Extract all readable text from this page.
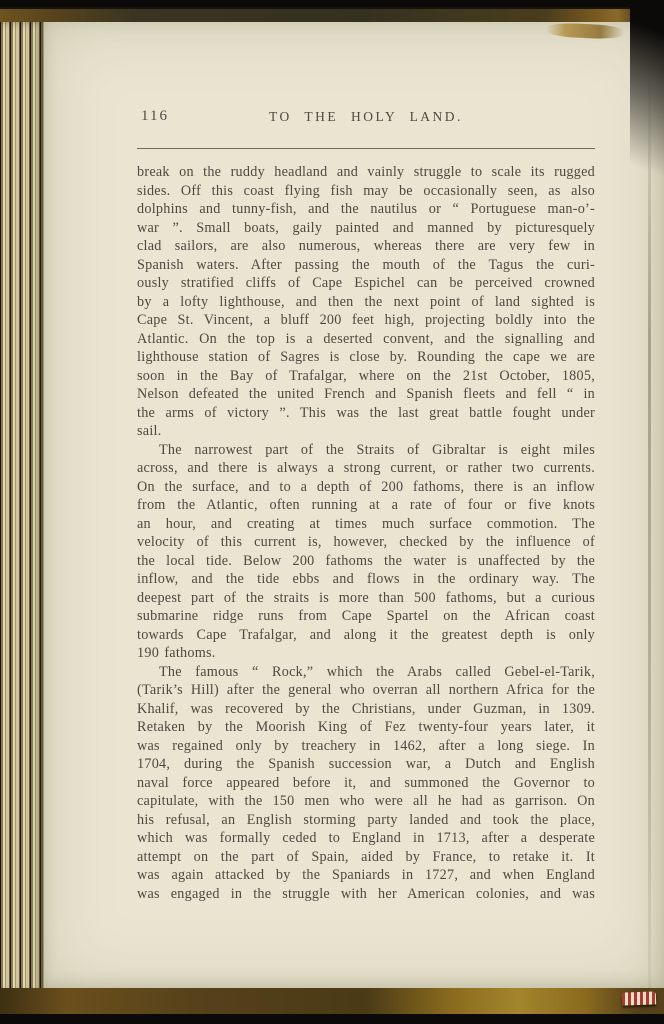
116	TO THE HOLY LAND.
break on the ruddy headland and vainly struggle to scale its rugged
sides. Off this coast flying fish may be occasionally seen, as also
dolphins and tunny-fish, and the nautilus or “ Portuguese man-o’-
war ”. Small boats, gaily painted and manned by picturesquely
clad sailors, are also numerous, whereas there are very few in
Spanish waters. After passing the mouth of the Tagus the curi-
ously stratified cliffs of Cape Espichel can be perceived crowned
by a lofty lighthouse, and then the next point of land sighted is
Cape St. Vincent, a bluff 200 feet high, projecting boldly into the
Atlantic. On the top is a deserted convent, and the signalling and
lighthouse station of Sagres is close by. Rounding the cape we are
soon in the Bay of Trafalgar, where on the 21st October, 1805,
Nelson defeated the united French and Spanish fleets and fell “ in
the arms of victory ”. This was the last great battle fought under
sail.
The narrowest part of the Straits of Gibraltar is eight miles
across, and there is always a strong current, or rather two currents.
On the surface, and to a depth of 200 fathoms, there is an inflow
from the Atlantic, often running at a rate of four or five knots
an hour, and creating at times much surface commotion. The
velocity of this current is, however, checked by the influence of
the local tide. Below 200 fathoms the water is unaffected by the
inflow, and the tide ebbs and flows in the ordinary way. The
deepest part of the straits is more than 500 fathoms, but a curious
submarine ridge runs from Cape Spartel on the African coast
towards Cape Trafalgar, and along it the greatest depth is only
190 fathoms.
The famous “ Rock,” which the Arabs called Gebel-el-Tarik,
(Tarik’s Hill) after the general who overran all northern Africa for the
Khalif, was recovered by the Christians, under Guzman, in 1309.
Retaken by the Moorish King of Fez twenty-four years later, it
was regained only by treachery in 1462, after a long siege. In
1704, during the Spanish succession war, a Dutch and English
naval force appeared before it, and summoned the Governor to
capitulate, with the 150 men who were all he had as garrison. On
his refusal, an English storming party landed and took the place,
which was formally ceded to England in 1713, after a desperate
attempt on the part of Spain, aided by France, to retake it. It
was again attacked by the Spaniards in 1727, and when England
was engaged in the struggle with her American colonies, and was
